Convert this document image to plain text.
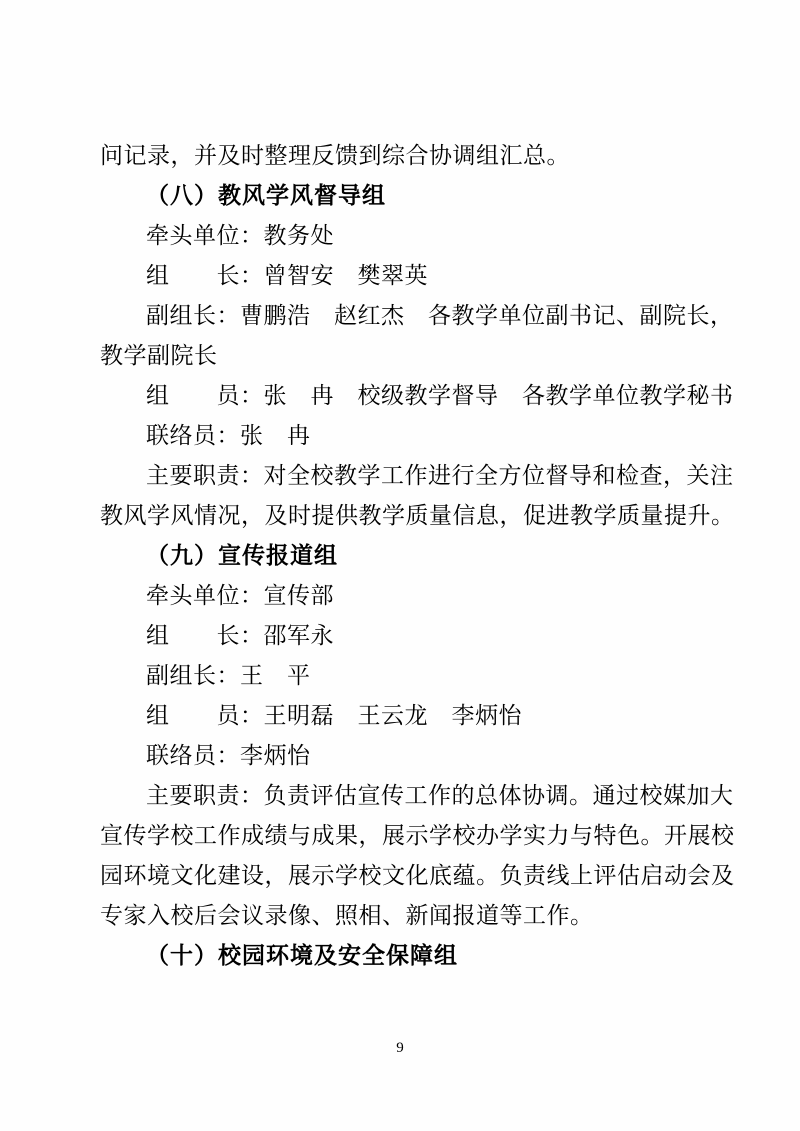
问记录，并及时整理反馈到综合协调组汇总。
（八）教风学风督导组
牵头单位：教务处
组　　长：曾智安　樊翠英
副组长：曹鹏浩　赵红杰　各教学单位副书记、副院长，
教学副院长
组　　员：张　冉　校级教学督导　各教学单位教学秘书
联络员：张　冉
主要职责：对全校教学工作进行全方位督导和检查，关注
教风学风情况，及时提供教学质量信息，促进教学质量提升。
（九）宣传报道组
牵头单位：宣传部
组　　长：邵军永
副组长：王　平
组　　员：王明磊　王云龙　李炳怡
联络员：李炳怡
主要职责：负责评估宣传工作的总体协调。通过校媒加大
宣传学校工作成绩与成果，展示学校办学实力与特色。开展校
园环境文化建设，展示学校文化底蕴。负责线上评估启动会及
专家入校后会议录像、照相、新闻报道等工作。
（十）校园环境及安全保障组
9
